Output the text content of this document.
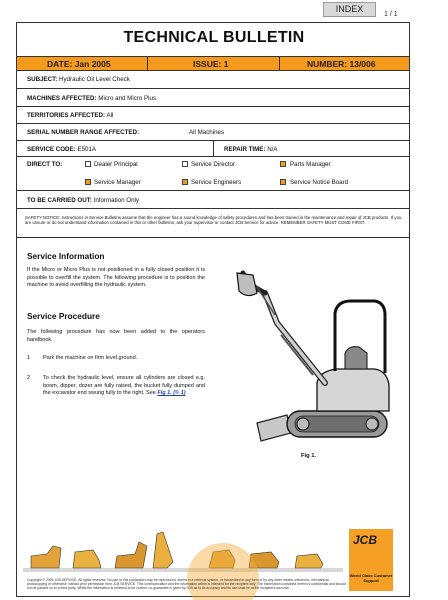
INDEX
1 / 1
TECHNICAL BULLETIN
DATE: Jan 2005	ISSUE: 1	NUMBER: 13/006
SUBJECT: Hydraulic Oil Level Check
MACHINES AFFECTED: Micro and Micro Plus
TERRITORIES AFFECTED: All
SERIAL NUMBER RANGE AFFECTED:	All Machines
SERVICE CODE: E501A	REPAIR TIME: N/A
DIRECT TO:	Dealer Principal	Service Director	Parts Manager
Service Manager	Service Engineers	Service Notice Board
TO BE CARRIED OUT: Information Only
SAFETY NOTICE: Instructions in Service Bulletins assume that the engineer has a sound knowledge of safety procedures and has been trained in the maintenance and repair of JCB products. If you are unsure or do not understand information contained in this or other bulletins, ask your supervisor or contact JCB Service for advice. REMEMBER SAFETY MUST COME FIRST.
Service Information
If the Micro or Micro Plus is not positioned in a fully closed position it is possible to overfill the system. The following procedure is to position the machine to avoid overfilling the hydraulic system.
Service Procedure
The following procedure has now been added to the operators handbook.
1 Park the machine on firm level ground.
2 To check the hydraulic level, ensure all cylinders are closed e.g. boom, dipper, dozer are fully raised, the bucket fully dumped and the excavator end swung fully to the right. See Fig 1. (© 1)
Fig 1.
Copyright © 2005 JCB SERVICE. All rights reserved. No part of this publication may be reproduced, stored in a retrieval system, or transmitted in any form or by any other means, electronic, mechanical, photocopying or otherwise, without prior permission from JCB SERVICE. This communication and the information within is intended for the recipient only. The information contained herein is confidential and should not be passed on to a third party. Whilst the information is believed to be correct, no guarantee is given by JCB as to its accuracy and its use shall be at the recipient's own risk.
JCB
World Class Customer Support
